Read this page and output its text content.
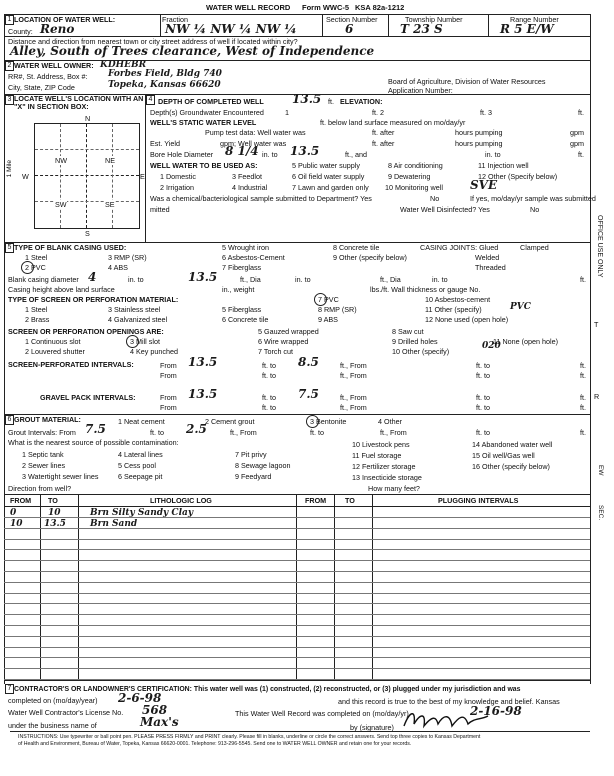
WATER WELL RECORD Form WWC-5 KSA 82a-1212
1 LOCATION OF WATER WELL:
County: Reno
Fraction
NW ¼ NW ¼ NW ¼
Section Number
6
Township Number
T 23 S
Range Number
R 5 E/W
Distance and direction from nearest town or city street address of well if located within city?
Alley, South of Trees clearance, West of Independence
2 WATER WELL OWNER: KDHEBR
RR#, St. Address, Box #: Forbes Field, Bldg 740
City, State, ZIP Code	Topeka, Kansas 66620	Board of Agriculture, Division of Water Resources
Application Number:
3 LOCATE WELL'S LOCATION WITH AN "X" IN SECTION BOX:
N
S
W	E
NW	NE
SW	SE
1 Mile
4 DEPTH OF COMPLETED WELL 13.5 ft. ELEVATION:
Depth(s) Groundwater Encountered	1	ft. 2	ft. 3	ft.
WELL'S STATIC WATER LEVEL	ft. below land surface measured on mo/day/yr
Pump test data: Well water was	ft. after	hours pumping	gpm
Est. Yield	gpm; Well water was	ft. after	hours pumping	gpm
Bore Hole Diameter 8 1/4 in. to 13.5	ft., and	in. to	ft.
WELL WATER TO BE USED AS:
1 Domestic
2 Irrigation
3 Feedlot
4 Industrial
5 Public water supply
6 Oil field water supply
7 Lawn and garden only
8 Air conditioning
9 Dewatering
10 Monitoring well
11 Injection well
12 Other (Specify below)
SVE
Was a chemical/bacteriological sample submitted to Department? Yes	No	If yes, mo/day/yr sample was submitted
mitted	Water Well Disinfected? Yes	No
5 TYPE OF BLANK CASING USED:
1 Steel
2 PVC
3 RMP (SR)
4 ABS
5 Wrought iron
6 Asbestos-Cement
7 Fiberglass
8 Concrete tile
9 Other (specify below)
CASING JOINTS: Glued	Clamped
Welded
Threaded
Blank casing diameter 4	in. to	13.5	ft., Dia	in. to	ft., Dia	in. to	ft.
Casing height above land surface	in., weight	lbs./ft. Wall thickness or gauge No.
TYPE OF SCREEN OR PERFORATION MATERIAL:
1 Steel
2 Brass
3 Stainless steel
4 Galvanized steel
5 Fiberglass
6 Concrete tile
7 PVC
8 RMP (SR)
9 ABS
10 Asbestos-cement
11 Other (specify)	PVC
12 None used (open hole)
SCREEN OR PERFORATION OPENINGS ARE:
1 Continuous slot
2 Louvered shutter
3 Mill slot
4 Key punched
5 Gauzed wrapped
6 Wire wrapped
7 Torch cut
8 Saw cut
9 Drilled holes
10 Other (specify)
020
11 None (open hole)
SCREEN-PERFORATED INTERVALS:	From 13.5	ft. to 8.5	ft., From	ft. to	ft.
From	ft. to	ft., From	ft. to	ft.
GRAVEL PACK INTERVALS:	From 13.5	ft. to 7.5	ft., From	ft. to	ft.
From	ft. to	ft., From	ft. to	ft.
6 GROUT MATERIAL:	1 Neat cement	2 Cement grout	3 Bentonite	4 Other
Grout Intervals: From 7.5	ft. to 2.5	ft., From	ft. to	ft., From	ft. to	ft.
What is the nearest source of possible contamination:
1 Septic tank
2 Sewer lines
3 Watertight sewer lines
4 Lateral lines
5 Cess pool
6 Seepage pit
7 Pit privy
8 Sewage lagoon
9 Feedyard
10 Livestock pens
11 Fuel storage
12 Fertilizer storage
13 Insecticide storage
14 Abandoned water well
15 Oil well/Gas well
16 Other (specify below)
Direction from well?	How many feet?
FROM TO	LITHOLOGIC LOG	FROM	TO	PLUGGING INTERVALS
0	10	Brn Silty Sandy Clay
10 13.5	Brn Sand
7 CONTRACTOR'S OR LANDOWNER'S CERTIFICATION: This water well was (1) constructed, (2) reconstructed, or (3) plugged under my jurisdiction and was
completed on (mo/day/year) 2-6-98	and this record is true to the best of my knowledge and belief. Kansas
Water Well Contractor's License No. 568	This Water Well Record was completed on (mo/day/yr)	2-16-98
under the business name of	Max's	by (signature)
INSTRUCTIONS: Use typewriter or ball point pen. PLEASE PRESS FIRMLY and PRINT clearly. Please fill in blanks, underline or circle the correct answers. Send top three copies to Kansas Department
of Health and Environment, Bureau of Water, Topeka, Kansas 66620-0001. Telephone: 913-296-5545. Send one to WATER WELL OWNER and retain one for your records.
OFFICE USE ONLY
T
R
EW
SEC.
